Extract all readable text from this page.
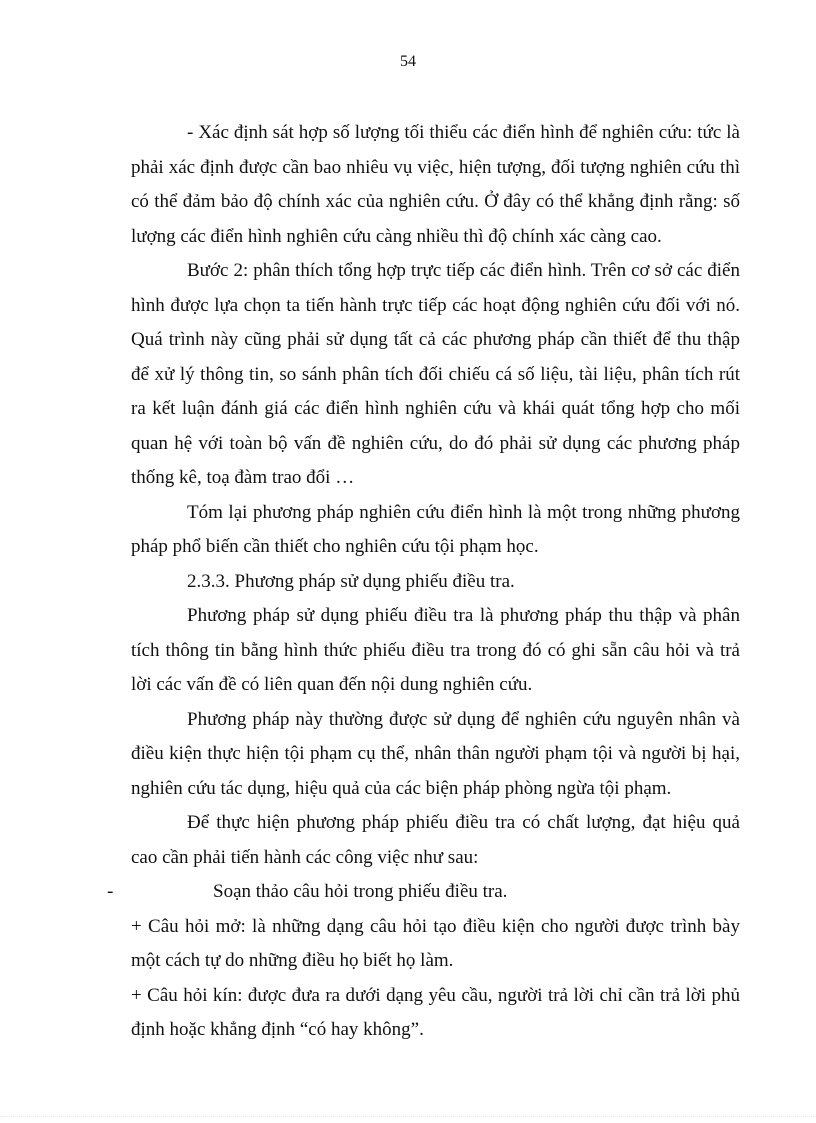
54

- Xác định sát hợp số lượng tối thiểu các điển hình để nghiên cứu: tức là phải xác định được cần bao nhiêu vụ việc, hiện tượng, đối tượng nghiên cứu thì có thể đảm bảo độ chính xác của nghiên cứu. Ở đây có thể khẳng định rằng: số lượng các điển hình nghiên cứu càng nhiều thì độ chính xác càng cao.

Bước 2: phân thích tổng hợp trực tiếp các điển hình. Trên cơ sở các điển hình được lựa chọn ta tiến hành trực tiếp các hoạt động nghiên cứu đối với nó. Quá trình này cũng phải sử dụng tất cả các phương pháp cần thiết để thu thập để xử lý thông tin, so sánh phân tích đối chiếu cá số liệu, tài liệu, phân tích rút ra kết luận đánh giá các điển hình nghiên cứu và khái quát tổng hợp cho mối quan hệ với toàn bộ vấn đề nghiên cứu, do đó phải sử dụng các phương pháp thống kê, toạ đàm trao đổi …

Tóm lại phương pháp nghiên cứu điển hình là một trong những phương pháp phổ biến cần thiết cho nghiên cứu tội phạm học.

2.3.3. Phương pháp sử dụng phiếu điều tra.

Phương pháp sử dụng phiếu điều tra là phương pháp thu thập và phân tích thông tin bằng hình thức phiếu điều tra trong đó có ghi sẵn câu hỏi và trả lời các vấn đề có liên quan đến nội dung nghiên cứu.

Phương pháp này thường được sử dụng để nghiên cứu nguyên nhân và điều kiện thực hiện tội phạm cụ thể, nhân thân người phạm tội và người bị hại, nghiên cứu tác dụng, hiệu quả của các biện pháp phòng ngừa tội phạm.

Để thực hiện phương pháp phiếu điều tra có chất lượng, đạt hiệu quả cao cần phải tiến hành các công việc như sau:

-	Soạn thảo câu hỏi trong phiếu điều tra.

+ Câu hỏi mở: là những dạng câu hỏi tạo điều kiện cho người được trình bày một cách tự do những điều họ biết họ làm.

+ Câu hỏi kín: được đưa ra dưới dạng yêu cầu, người trả lời chỉ cần trả lời phủ định hoặc khẳng định “có hay không”.
